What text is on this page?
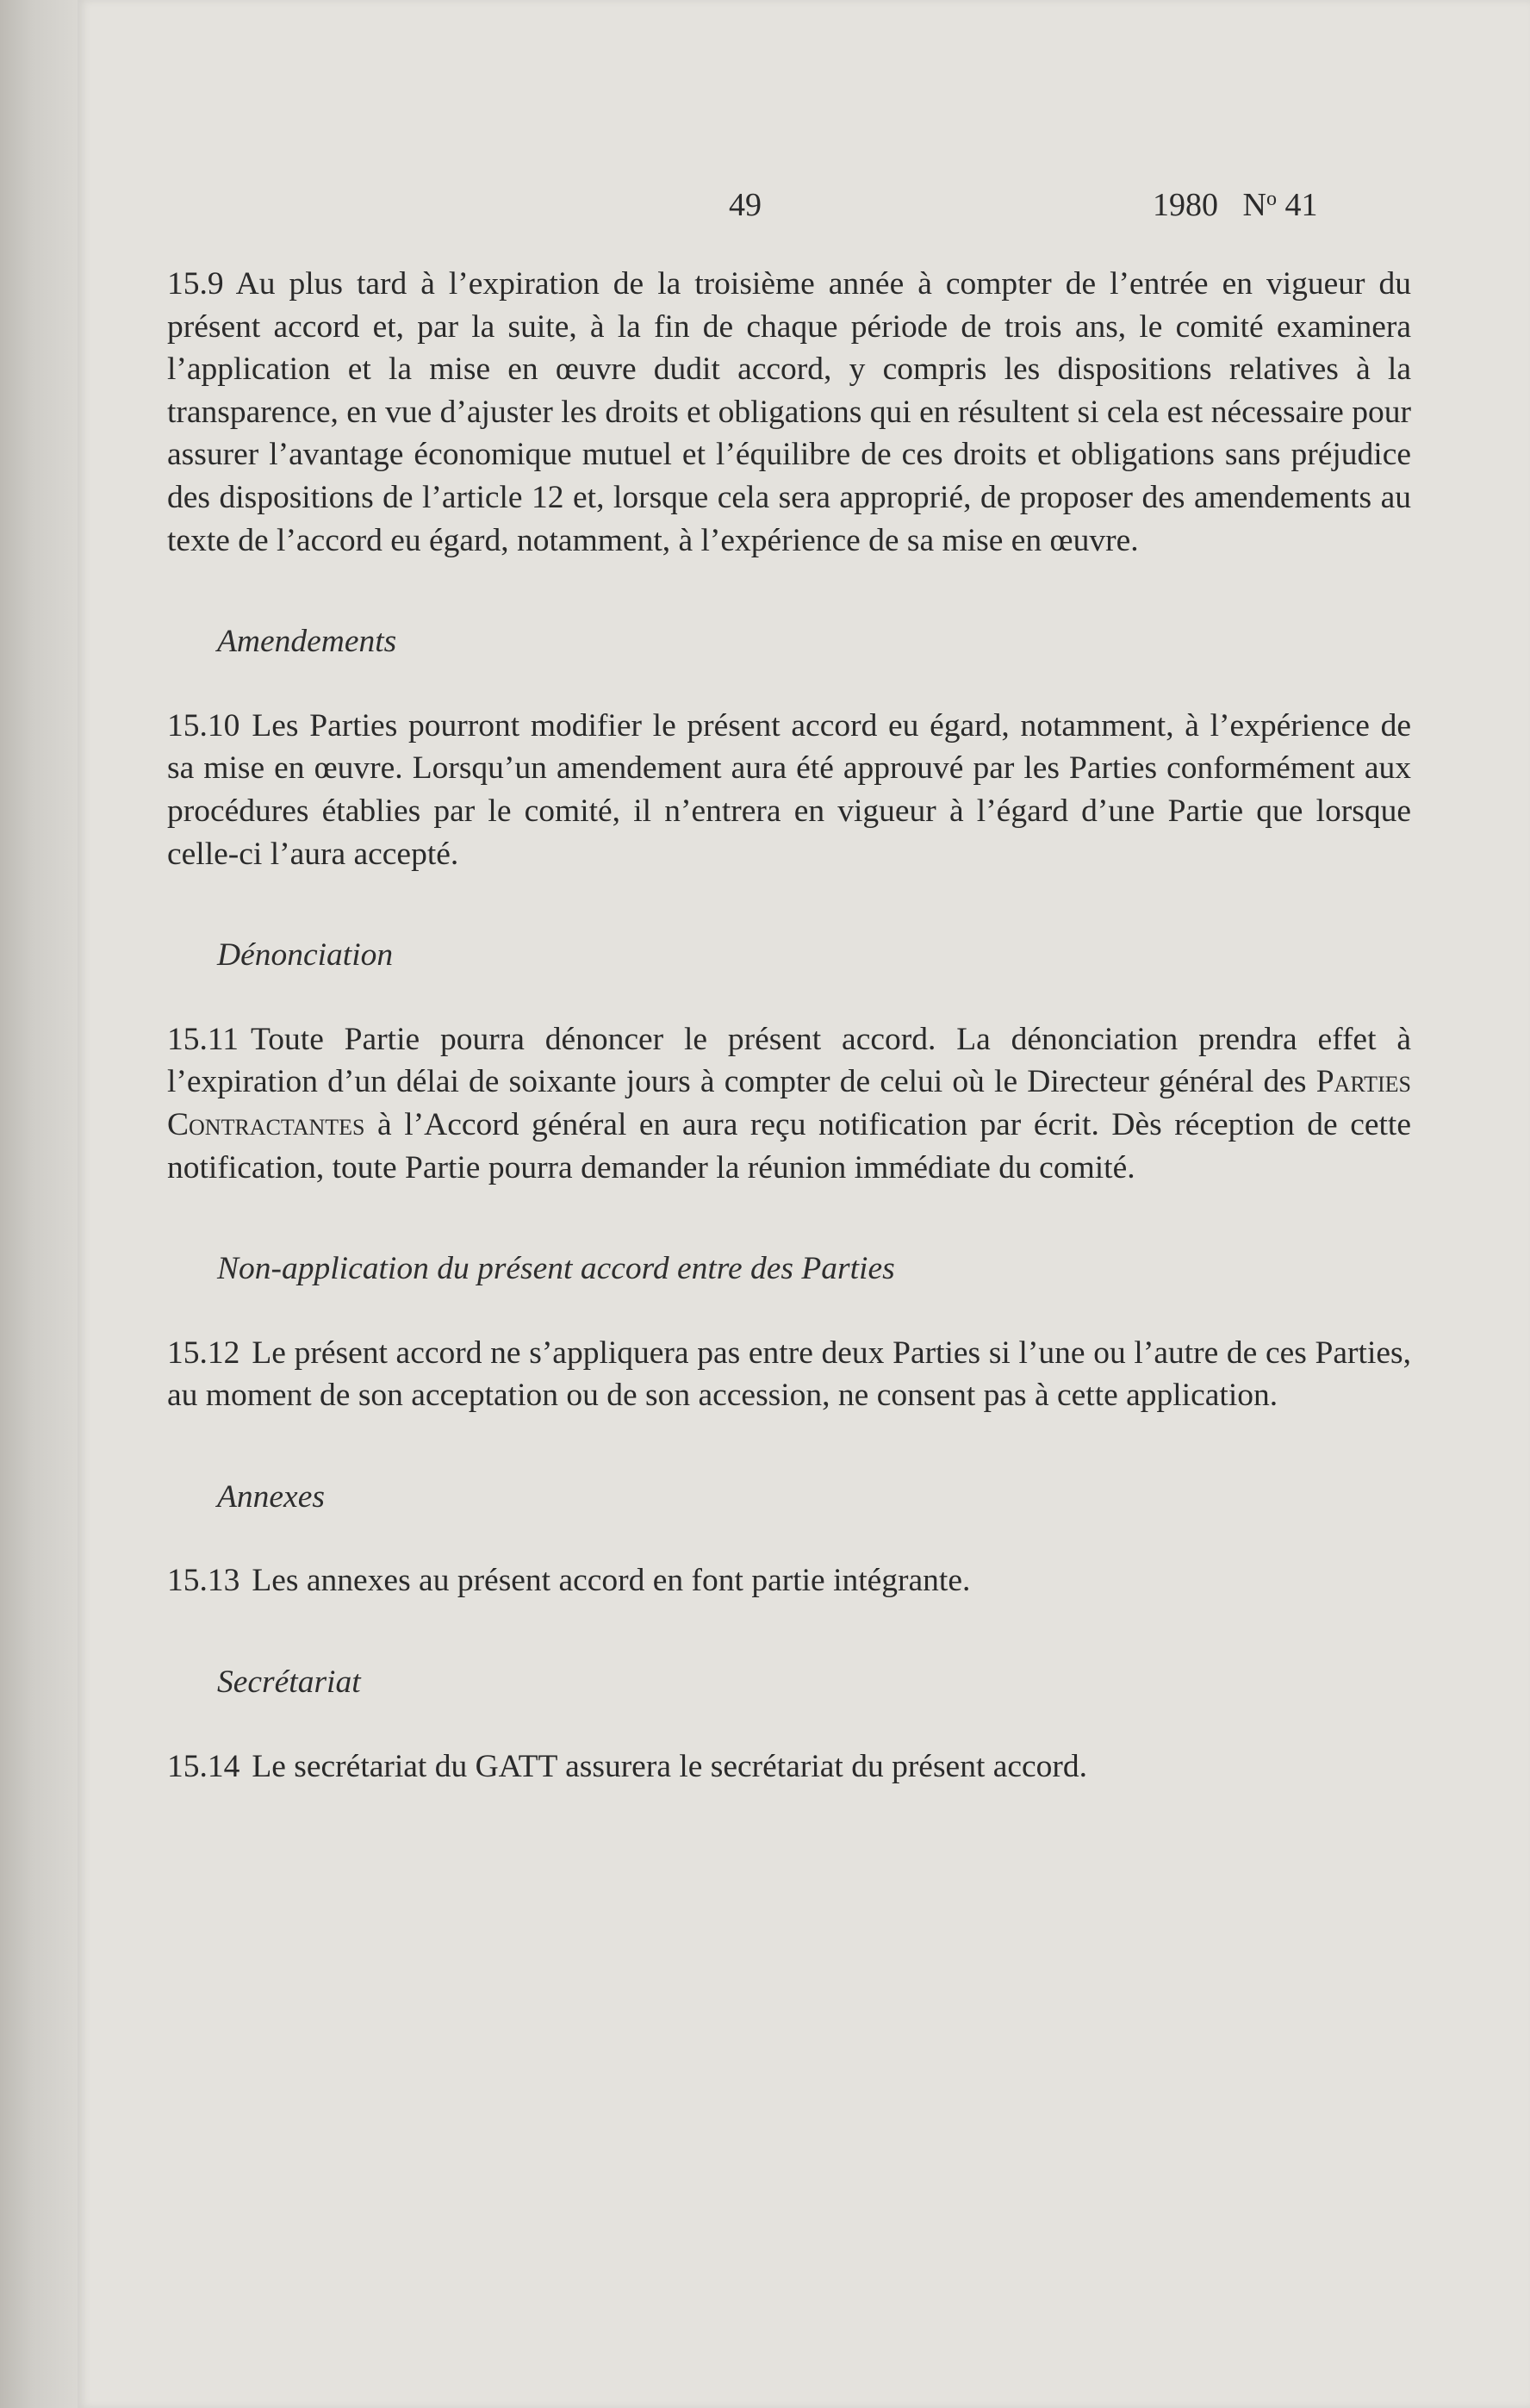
49	1980 $N^o$ 41

15.9 Au plus tard à l’expiration de la troisième année à compter de l’entrée en vigueur du présent accord et, par la suite, à la fin de chaque période de trois ans, le comité examinera l’application et la mise en œuvre dudit accord, y compris les dispositions relatives à la transparence, en vue d’ajuster les droits et obligations qui en résultent si cela est nécessaire pour assurer l’avantage économique mutuel et l’équilibre de ces droits et obligations sans préjudice des dispositions de l’article 12 et, lorsque cela sera approprié, de proposer des amendements au texte de l’accord eu égard, notamment, à l’expérience de sa mise en œuvre.

Amendements

15.10 Les Parties pourront modifier le présent accord eu égard, notamment, à l’expérience de sa mise en œuvre. Lorsqu’un amendement aura été approuvé par les Parties conformément aux procédures établies par le comité, il n’entrera en vigueur à l’égard d’une Partie que lorsque celle-ci l’aura accepté.

Dénonciation

15.11 Toute Partie pourra dénoncer le présent accord. La dénonciation prendra effet à l’expiration d’un délai de soixante jours à compter de celui où le Directeur général des Parties Contractantes à l’Accord général en aura reçu notification par écrit. Dès réception de cette notification, toute Partie pourra demander la réunion immédiate du comité.

Non-application du présent accord entre des Parties

15.12 Le présent accord ne s’appliquera pas entre deux Parties si l’une ou l’autre de ces Parties, au moment de son acceptation ou de son accession, ne consent pas à cette application.

Annexes

15.13 Les annexes au présent accord en font partie intégrante.

Secrétariat

15.14 Le secrétariat du GATT assurera le secrétariat du présent accord.
